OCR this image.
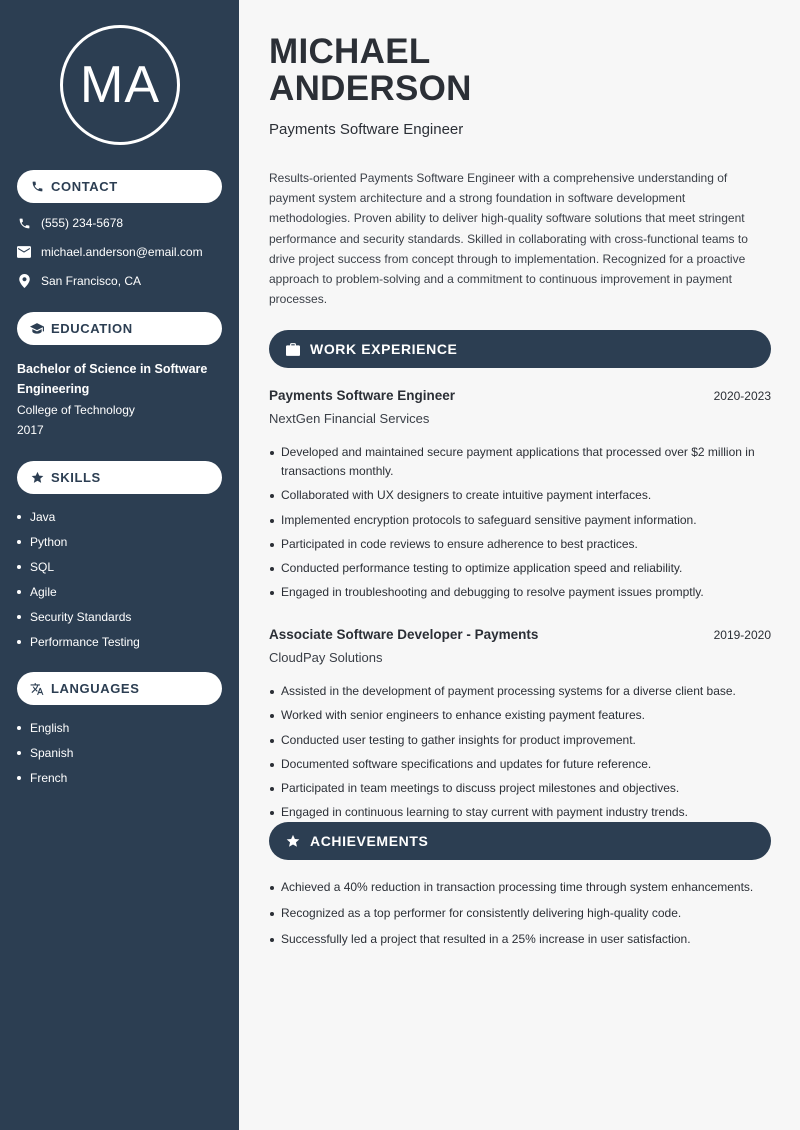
MA
CONTACT
(555) 234-5678
michael.anderson@email.com
San Francisco, CA
EDUCATION
Bachelor of Science in Software Engineering
College of Technology
2017
SKILLS
Java
Python
SQL
Agile
Security Standards
Performance Testing
LANGUAGES
English
Spanish
French
MICHAEL
ANDERSON
Payments Software Engineer

Results-oriented Payments Software Engineer with a comprehensive understanding of payment system architecture and a strong foundation in software development methodologies. Proven ability to deliver high-quality software solutions that meet stringent performance and security standards. Skilled in collaborating with cross-functional teams to drive project success from concept through to implementation. Recognized for a proactive approach to problem-solving and a commitment to continuous improvement in payment processes.

WORK EXPERIENCE
Payments Software Engineer	2020-2023
NextGen Financial Services
Developed and maintained secure payment applications that processed over $2 million in transactions monthly.
Collaborated with UX designers to create intuitive payment interfaces.
Implemented encryption protocols to safeguard sensitive payment information.
Participated in code reviews to ensure adherence to best practices.
Conducted performance testing to optimize application speed and reliability.
Engaged in troubleshooting and debugging to resolve payment issues promptly.
Associate Software Developer - Payments	2019-2020
CloudPay Solutions
Assisted in the development of payment processing systems for a diverse client base.
Worked with senior engineers to enhance existing payment features.
Conducted user testing to gather insights for product improvement.
Documented software specifications and updates for future reference.
Participated in team meetings to discuss project milestones and objectives.
Engaged in continuous learning to stay current with payment industry trends.
ACHIEVEMENTS
Achieved a 40% reduction in transaction processing time through system enhancements.
Recognized as a top performer for consistently delivering high-quality code.
Successfully led a project that resulted in a 25% increase in user satisfaction.
